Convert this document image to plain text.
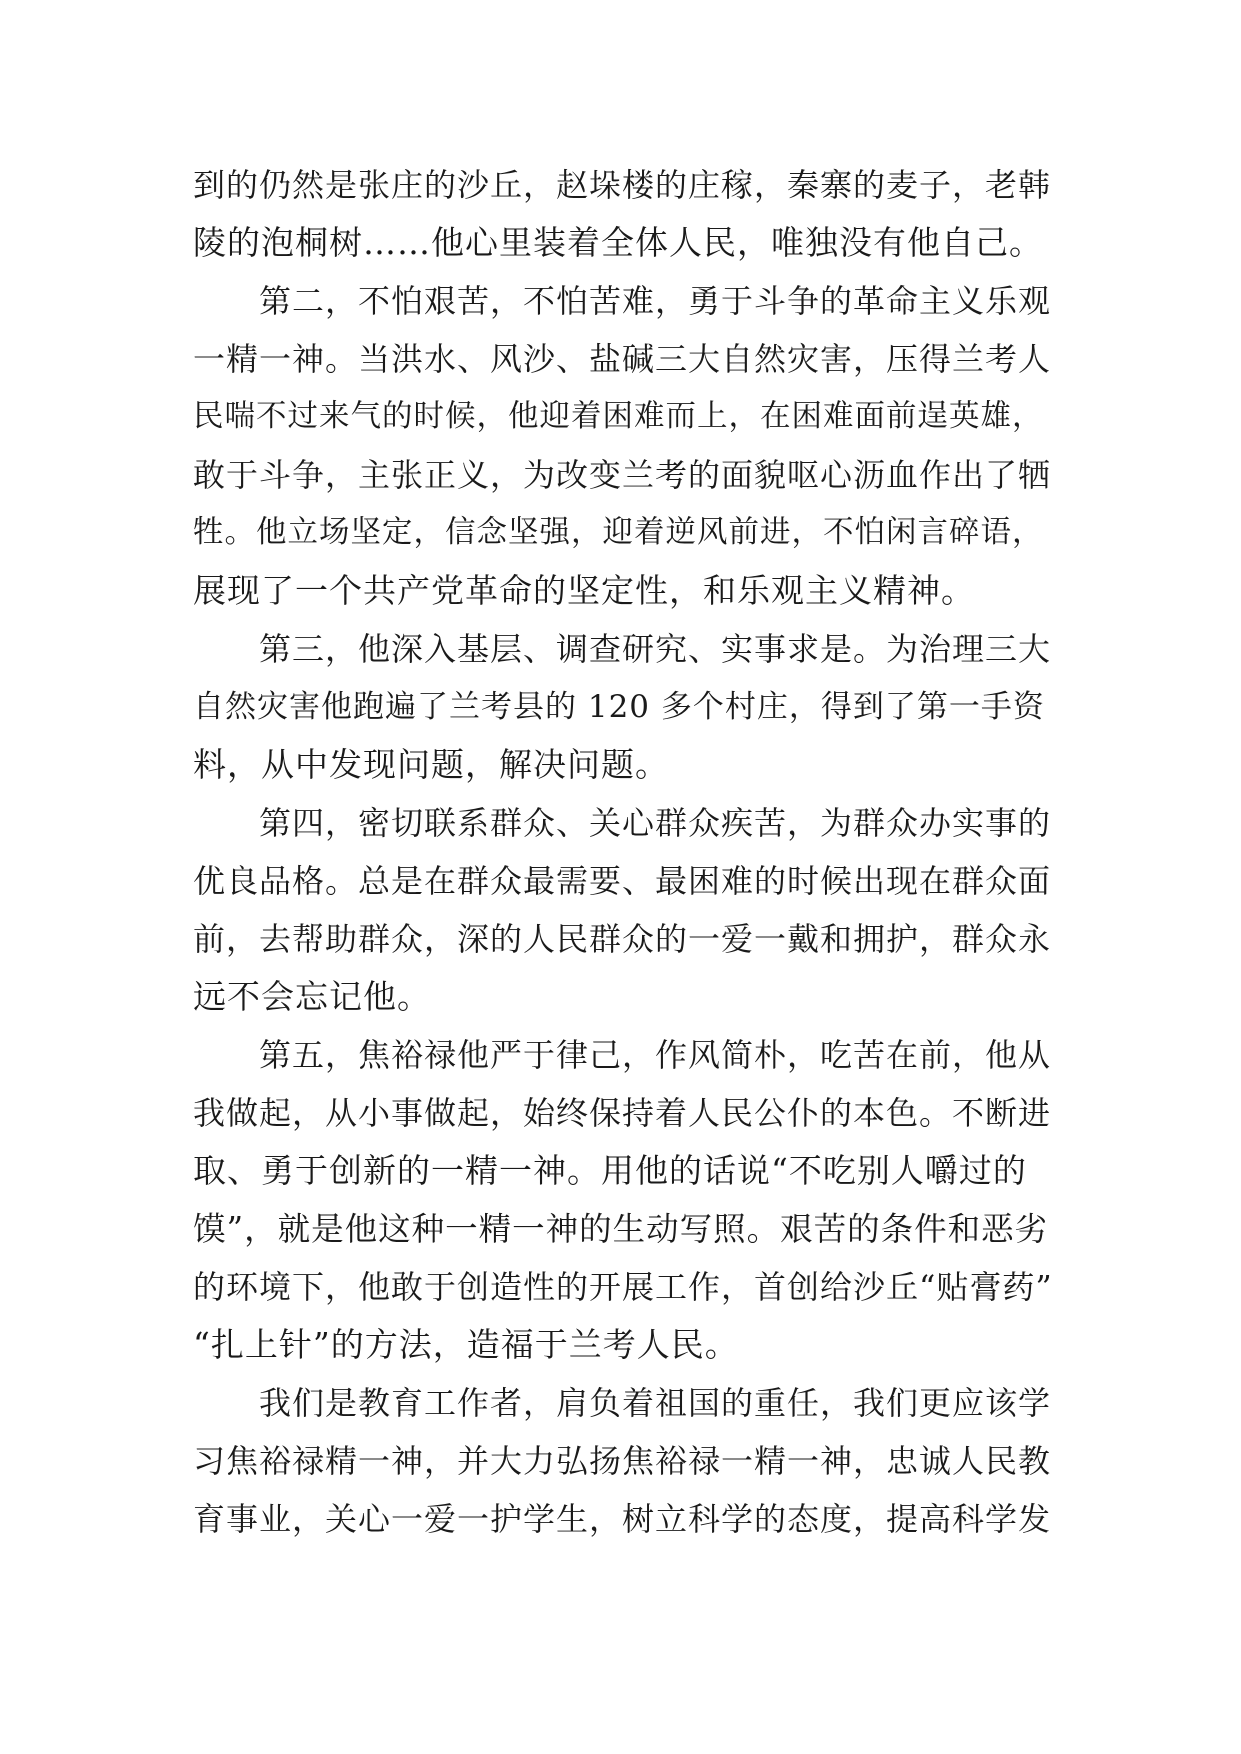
到的仍然是张庄的沙丘，赵垛楼的庄稼，秦寨的麦子，老韩
陵的泡桐树……他心里装着全体人民，唯独没有他自己。
第二，不怕艰苦，不怕苦难，勇于斗争的革命主义乐观
一精一神。当洪水、风沙、盐碱三大自然灾害，压得兰考人
民喘不过来气的时候，他迎着困难而上，在困难面前逞英雄，
敢于斗争，主张正义，为改变兰考的面貌呕心沥血作出了牺
牲。他立场坚定，信念坚强，迎着逆风前进，不怕闲言碎语，
展现了一个共产党革命的坚定性，和乐观主义精神。
第三，他深入基层、调查研究、实事求是。为治理三大
自然灾害他跑遍了兰考县的 120 多个村庄，得到了第一手资
料，从中发现问题，解决问题。
第四，密切联系群众、关心群众疾苦，为群众办实事的
优良品格。总是在群众最需要、最困难的时候出现在群众面
前，去帮助群众，深的人民群众的一爱一戴和拥护，群众永
远不会忘记他。
第五，焦裕禄他严于律己，作风简朴，吃苦在前，他从
我做起，从小事做起，始终保持着人民公仆的本色。不断进
取、勇于创新的一精一神。用他的话说“不吃别人嚼过的
馍”，就是他这种一精一神的生动写照。艰苦的条件和恶劣
的环境下，他敢于创造性的开展工作，首创给沙丘“贴膏药”
“扎上针”的方法，造福于兰考人民。
我们是教育工作者，肩负着祖国的重任，我们更应该学
习焦裕禄精一神，并大力弘扬焦裕禄一精一神，忠诚人民教
育事业，关心一爱一护学生，树立科学的态度，提高科学发
